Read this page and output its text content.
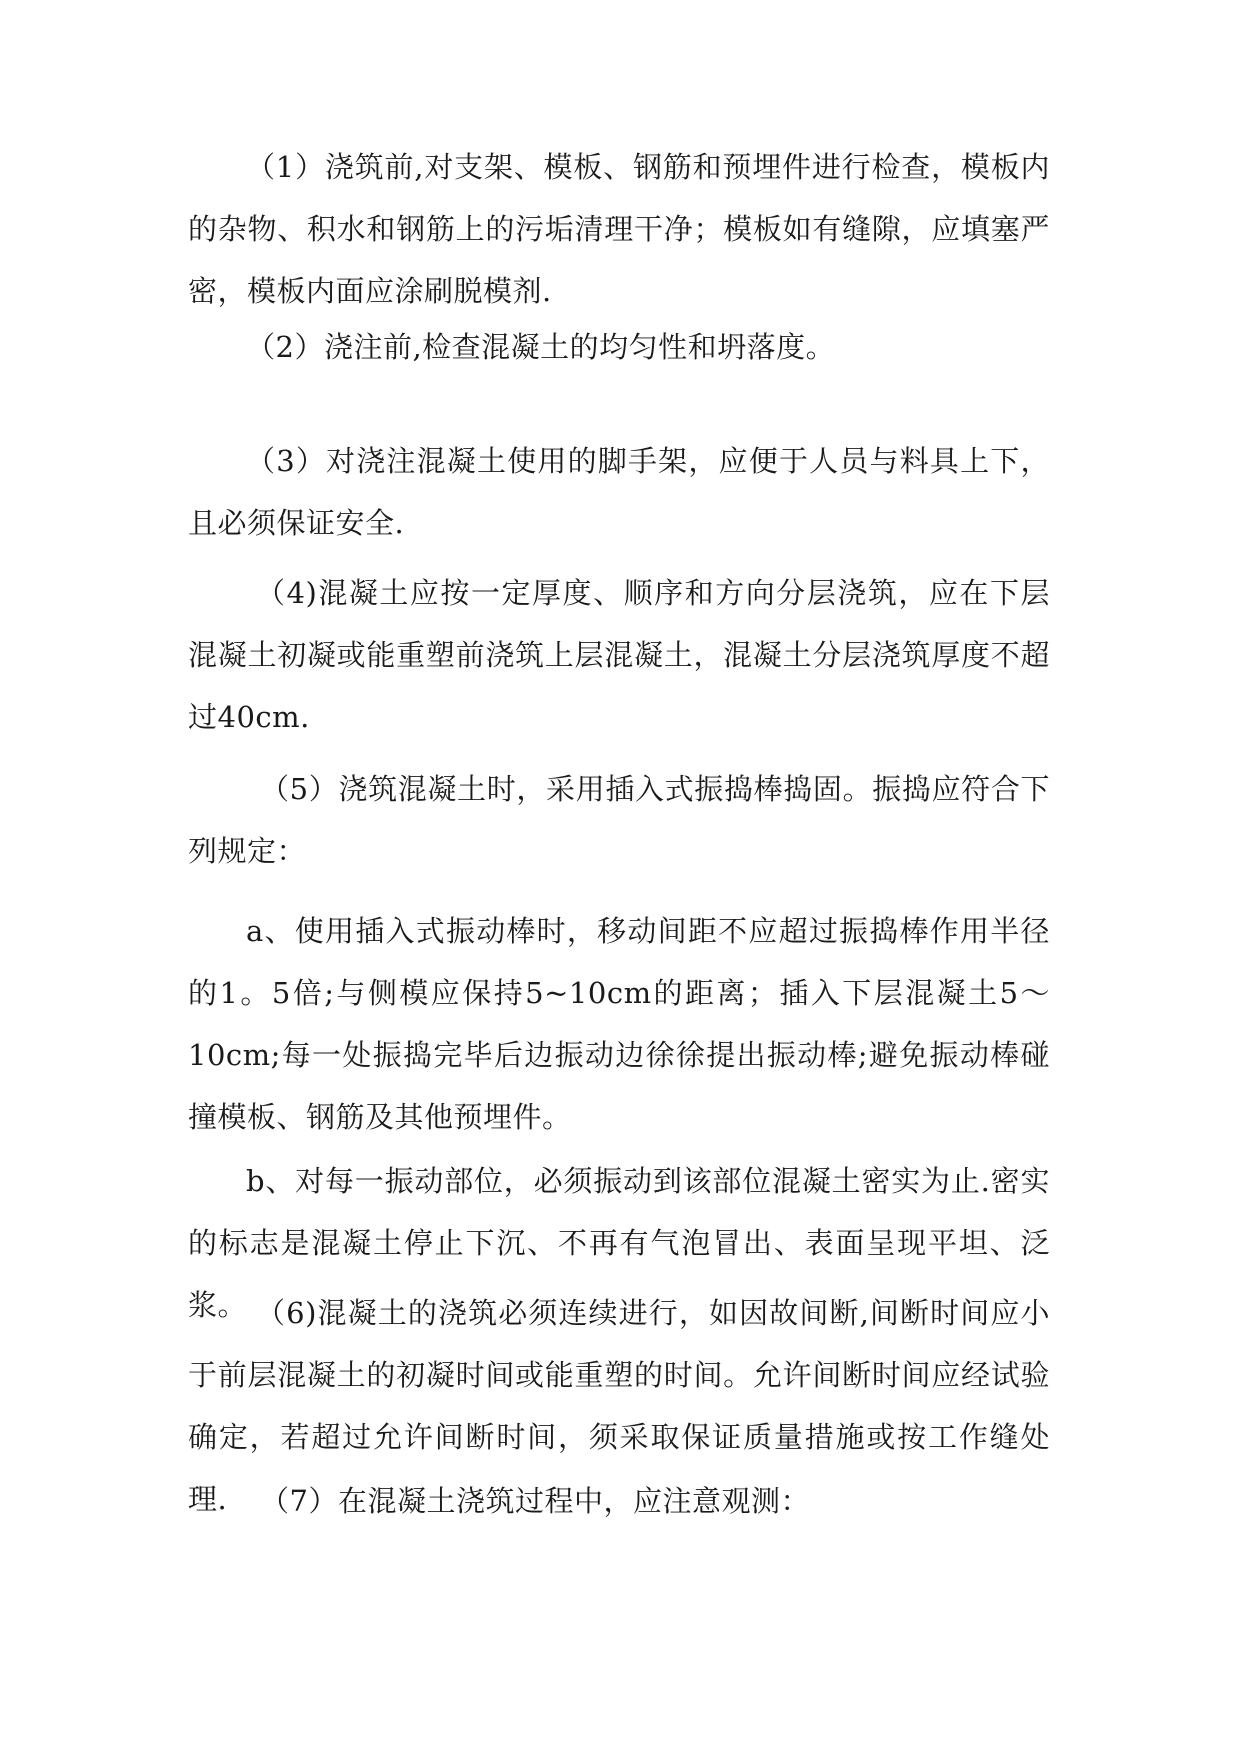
（1）浇筑前,对支架、模板、钢筋和预埋件进行检查，模板内的杂物、积水和钢筋上的污垢清理干净；模板如有缝隙，应填塞严密，模板内面应涂刷脱模剂.

（2）浇注前,检查混凝土的均匀性和坍落度。

（3）对浇注混凝土使用的脚手架，应便于人员与料具上下，且必须保证安全.

（4)混凝土应按一定厚度、顺序和方向分层浇筑，应在下层混凝土初凝或能重塑前浇筑上层混凝土，混凝土分层浇筑厚度不超过40cm.

（5）浇筑混凝土时，采用插入式振捣棒捣固。振捣应符合下列规定：

a、使用插入式振动棒时，移动间距不应超过振捣棒作用半径的1。5倍;与侧模应保持5~10cm的距离；插入下层混凝土5～10cm;每一处振捣完毕后边振动边徐徐提出振动棒;避免振动棒碰撞模板、钢筋及其他预埋件。

b、对每一振动部位，必须振动到该部位混凝土密实为止.密实的标志是混凝土停止下沉、不再有气泡冒出、表面呈现平坦、泛浆。 （6)混凝土的浇筑必须连续进行，如因故间断,间断时间应小于前层混凝土的初凝时间或能重塑的时间。允许间断时间应经试验确定，若超过允许间断时间，须采取保证质量措施或按工作缝处理.	（7）在混凝土浇筑过程中，应注意观测：
